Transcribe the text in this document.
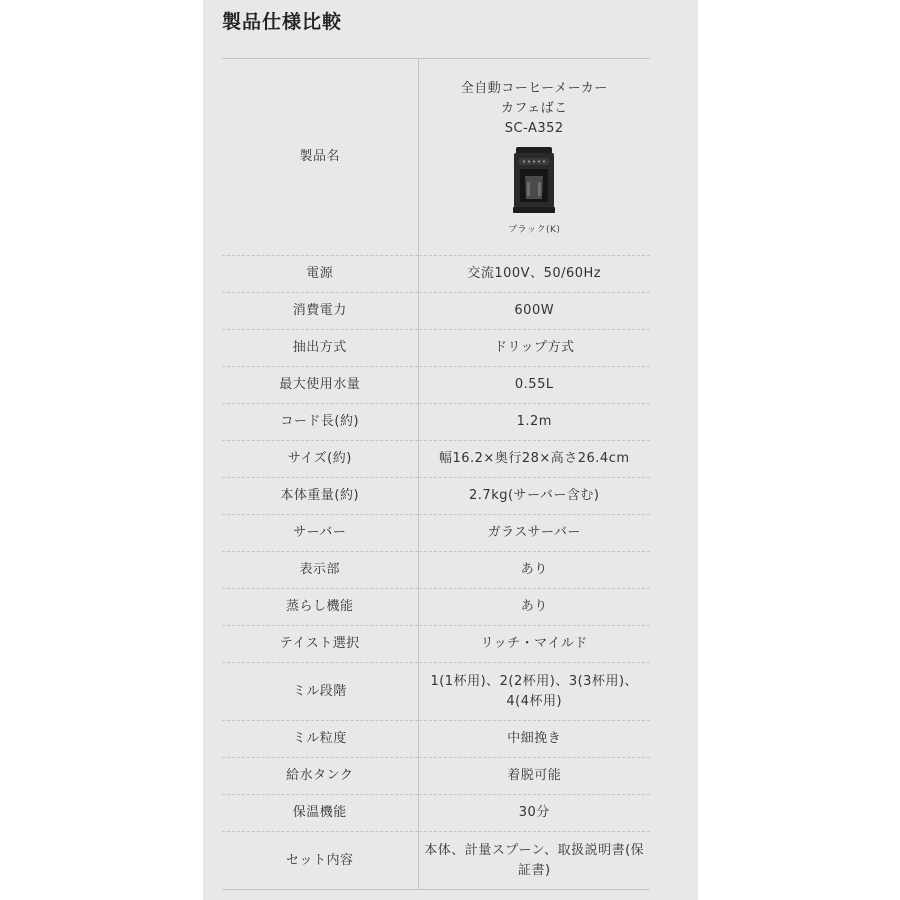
製品仕様比較
製品名	全自動コーヒーメーカー
カフェばこ
SC-A352
ブラック(K)

電源	交流100V、50/60Hz
消費電力	600W
抽出方式	ドリップ方式
最大使用水量	0.55L
コード長(約)	1.2m
サイズ(約)	幅16.2×奥行28×高さ26.4cm
本体重量(約)	2.7kg(サーバー含む)
サーバー	ガラスサーバー
表示部	あり
蒸らし機能	あり
テイスト選択	リッチ・マイルド
ミル段階	1(1杯用)、2(2杯用)、3(3杯用)、4(4杯用)
ミル粒度	中細挽き
給水タンク	着脱可能
保温機能	30分
セット内容	本体、計量スプーン、取扱説明書(保証書)
